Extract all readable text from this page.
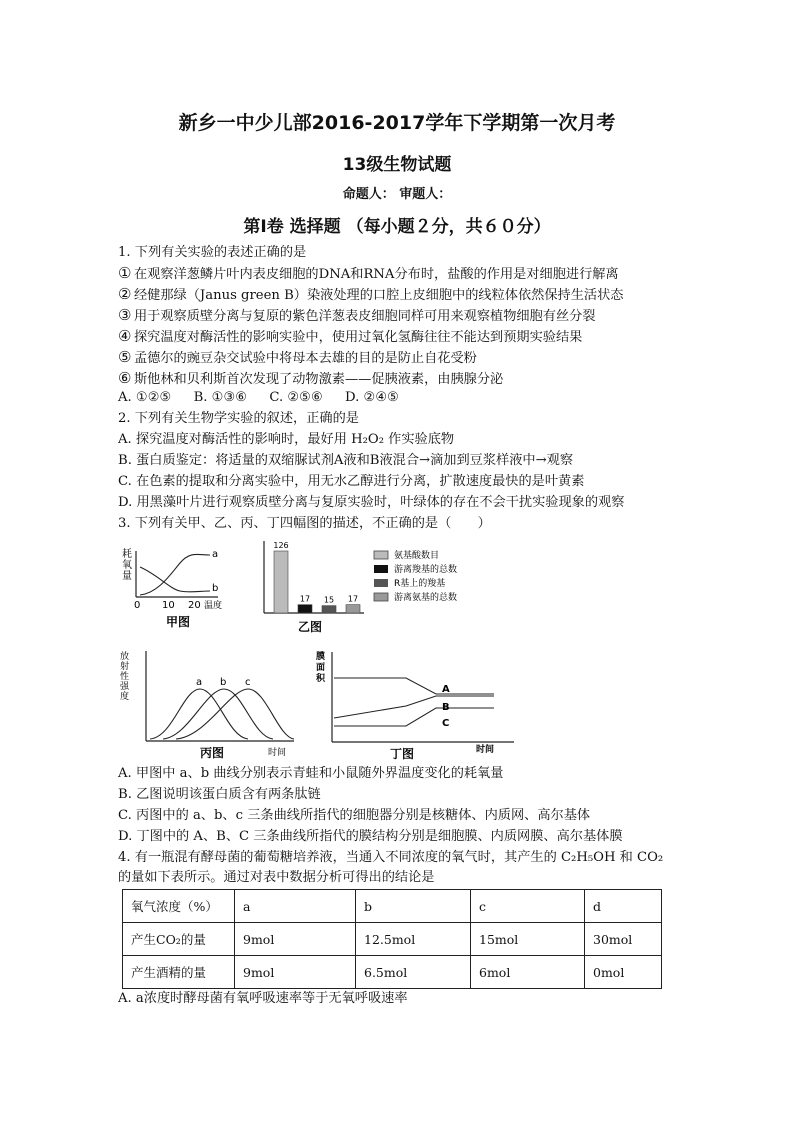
新乡一中少儿部2016-2017学年下学期第一次月考
13级生物试题
命题人： 审题人：
第Ⅰ卷 选择题 （每小题２分，共６０分）
1. 下列有关实验的表述正确的是
① 在观察洋葱鳞片叶内表皮细胞的DNA和RNA分布时，盐酸的作用是对细胞进行解离
② 经健那绿（Janus green B）染液处理的口腔上皮细胞中的线粒体依然保持生活状态
③ 用于观察质壁分离与复原的紫色洋葱表皮细胞同样可用来观察植物细胞有丝分裂
④ 探究温度对酶活性的影响实验中，使用过氧化氢酶往往不能达到预期实验结果
⑤ 孟德尔的豌豆杂交试验中将母本去雄的目的是防止自花受粉
⑥ 斯他林和贝利斯首次发现了动物激素——促胰液素，由胰腺分泌
A. ①②⑤ B. ①③⑥ C. ②⑤⑥ D. ②④⑤
2. 下列有关生物学实验的叙述，正确的是
A. 探究温度对酶活性的影响时，最好用 H₂O₂ 作实验底物
B. 蛋白质鉴定：将适量的双缩脲试剂A液和B液混合→滴加到豆浆样液中→观察
C. 在色素的提取和分离实验中，用无水乙醇进行分离，扩散速度最快的是叶黄素
D. 用黑藻叶片进行观察质壁分离与复原实验时，叶绿体的存在不会干扰实验现象的观察
3. 下列有关甲、乙、丙、丁四幅图的描述，不正确的是（　　）
耗
氧
量
a
b
0 10 20 温度
甲图
126
17 15 17
氨基酸数目
游离羧基的总数
R基上的羧基
游离氨基的总数
乙图
放
射
性
强
度
a b c
丙图	时间
膜
面
积
A
B
C
丁图	时间
A. 甲图中 a、b 曲线分别表示青蛙和小鼠随外界温度变化的耗氧量
B. 乙图说明该蛋白质含有两条肽链
C. 丙图中的 a、b、c 三条曲线所指代的细胞器分别是核糖体、内质网、高尔基体
D. 丁图中的 A、B、C 三条曲线所指代的膜结构分别是细胞膜、内质网膜、高尔基体膜
4. 有一瓶混有酵母菌的葡萄糖培养液，当通入不同浓度的氧气时，其产生的 C₂H₅OH 和 CO₂
的量如下表所示。通过对表中数据分析可得出的结论是
氧气浓度（%）	a	b	c	d
产生CO₂的量	9mol	12.5mol	15mol	30mol
产生酒精的量	9mol	6.5mol	6mol	0mol
A. a浓度时酵母菌有氧呼吸速率等于无氧呼吸速率
